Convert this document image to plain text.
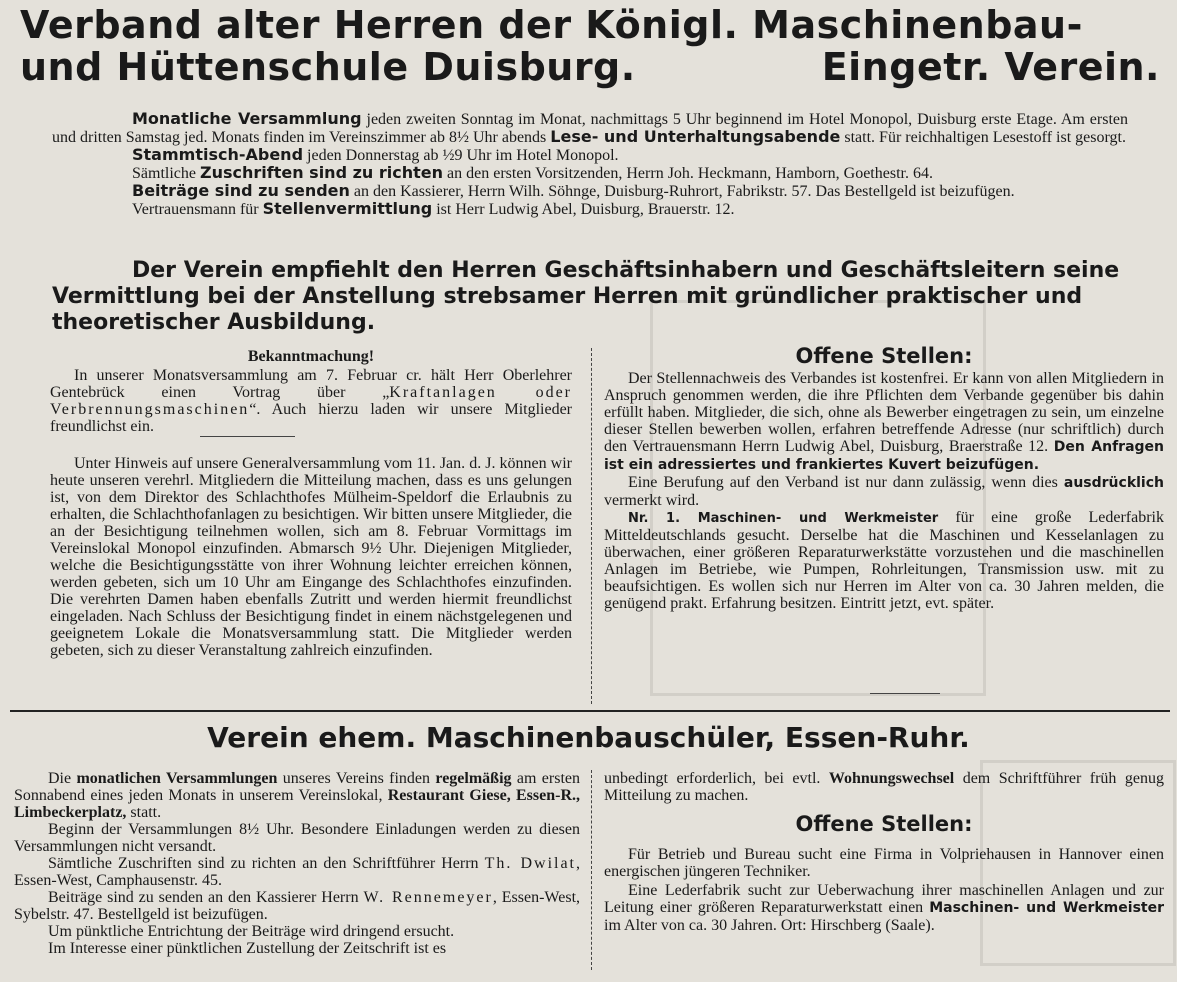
Verband alter Herren der Königl. Maschinenbau-
und Hüttenschule Duisburg.	Eingetr. Verein.

Monatliche Versammlung jeden zweiten Sonntag im Monat, nachmittags 5 Uhr beginnend im Hotel Monopol, Duisburg erste Etage. Am ersten und dritten Samstag jed. Monats finden im Vereinszimmer ab 8½ Uhr abends Lese- und Unterhaltungsabende statt. Für reichhaltigen Lesestoff ist gesorgt.

Stammtisch-Abend jeden Donnerstag ab ½9 Uhr im Hotel Monopol.

Sämtliche Zuschriften sind zu richten an den ersten Vorsitzenden, Herrn Joh. Heckmann, Hamborn, Goethestr. 64.

Beiträge sind zu senden an den Kassierer, Herrn Wilh. Söhnge, Duisburg-Ruhrort, Fabrikstr. 57. Das Bestellgeld ist beizufügen.

Vertrauensmann für Stellenvermittlung ist Herr Ludwig Abel, Duisburg, Brauerstr. 12.

Der Verein empfiehlt den Herren Geschäftsinhabern und Geschäftsleitern seine Vermittlung bei der Anstellung strebsamer Herren mit gründlicher praktischer und theoretischer Ausbildung.

Bekanntmachung!

In unserer Monatsversammlung am 7. Februar cr. hält Herr Oberlehrer Gentebrück einen Vortrag über „Kraftanlagen oder Verbrennungsmaschinen“. Auch hierzu laden wir unsere Mitglieder freundlichst ein.

Unter Hinweis auf unsere Generalversammlung vom 11. Jan. d. J. können wir heute unseren verehrl. Mitgliedern die Mitteilung machen, dass es uns gelungen ist, von dem Direktor des Schlachthofes Mülheim-Speldorf die Erlaubnis zu erhalten, die Schlachthofanlagen zu besichtigen. Wir bitten unsere Mitglieder, die an der Besichtigung teilnehmen wollen, sich am 8. Februar Vormittags im Vereinslokal Monopol einzufinden. Abmarsch 9½ Uhr. Diejenigen Mitglieder, welche die Besichtigungsstätte von ihrer Wohnung leichter erreichen können, werden gebeten, sich um 10 Uhr am Eingange des Schlachthofes einzufinden. Die verehrten Damen haben ebenfalls Zutritt und werden hiermit freundlichst eingeladen. Nach Schluss der Besichtigung findet in einem nächstgelegenen und geeignetem Lokale die Monatsversammlung statt. Die Mitglieder werden gebeten, sich zu dieser Veranstaltung zahlreich einzufinden.

Offene Stellen:

Der Stellennachweis des Verbandes ist kostenfrei. Er kann von allen Mitgliedern in Anspruch genommen werden, die ihre Pflichten dem Verbande gegenüber bis dahin erfüllt haben. Mitglieder, die sich, ohne als Bewerber eingetragen zu sein, um einzelne dieser Stellen bewerben wollen, erfahren betreffende Adresse (nur schriftlich) durch den Vertrauensmann Herrn Ludwig Abel, Duisburg, Braerstraße 12. Den Anfragen ist ein adressiertes und frankiertes Kuvert beizufügen.

Eine Berufung auf den Verband ist nur dann zulässig, wenn dies ausdrücklich vermerkt wird.

Nr. 1. Maschinen- und Werkmeister für eine große Lederfabrik Mitteldeutschlands gesucht. Derselbe hat die Maschinen und Kesselanlagen zu überwachen, einer größeren Reparaturwerkstätte vorzustehen und die maschinellen Anlagen im Betriebe, wie Pumpen, Rohrleitungen, Transmission usw. mit zu beaufsichtigen. Es wollen sich nur Herren im Alter von ca. 30 Jahren melden, die genügend prakt. Erfahrung besitzen. Eintritt jetzt, evt. später.

Verein ehem. Maschinenbauschüler, Essen-Ruhr.

Die monatlichen Versammlungen unseres Vereins finden regelmäßig am ersten Sonnabend eines jeden Monats in unserem Vereinslokal, Restaurant Giese, Essen-R., Limbeckerplatz, statt.

Beginn der Versammlungen 8½ Uhr. Besondere Einladungen werden zu diesen Versammlungen nicht versandt.

Sämtliche Zuschriften sind zu richten an den Schriftführer Herrn Th. Dwilat, Essen-West, Camphausenstr. 45.

Beiträge sind zu senden an den Kassierer Herrn W. Rennemeyer, Essen-West, Sybelstr. 47. Bestellgeld ist beizufügen.

Um pünktliche Entrichtung der Beiträge wird dringend ersucht.

Im Interesse einer pünktlichen Zustellung der Zeitschrift ist es

unbedingt erforderlich, bei evtl. Wohnungswechsel dem Schriftführer früh genug Mitteilung zu machen.

Offene Stellen:

Für Betrieb und Bureau sucht eine Firma in Volpriehausen in Hannover einen energischen jüngeren Techniker.

Eine Lederfabrik sucht zur Ueberwachung ihrer maschinellen Anlagen und zur Leitung einer größeren Reparaturwerkstatt einen Maschinen- und Werkmeister im Alter von ca. 30 Jahren. Ort: Hirschberg (Saale).
